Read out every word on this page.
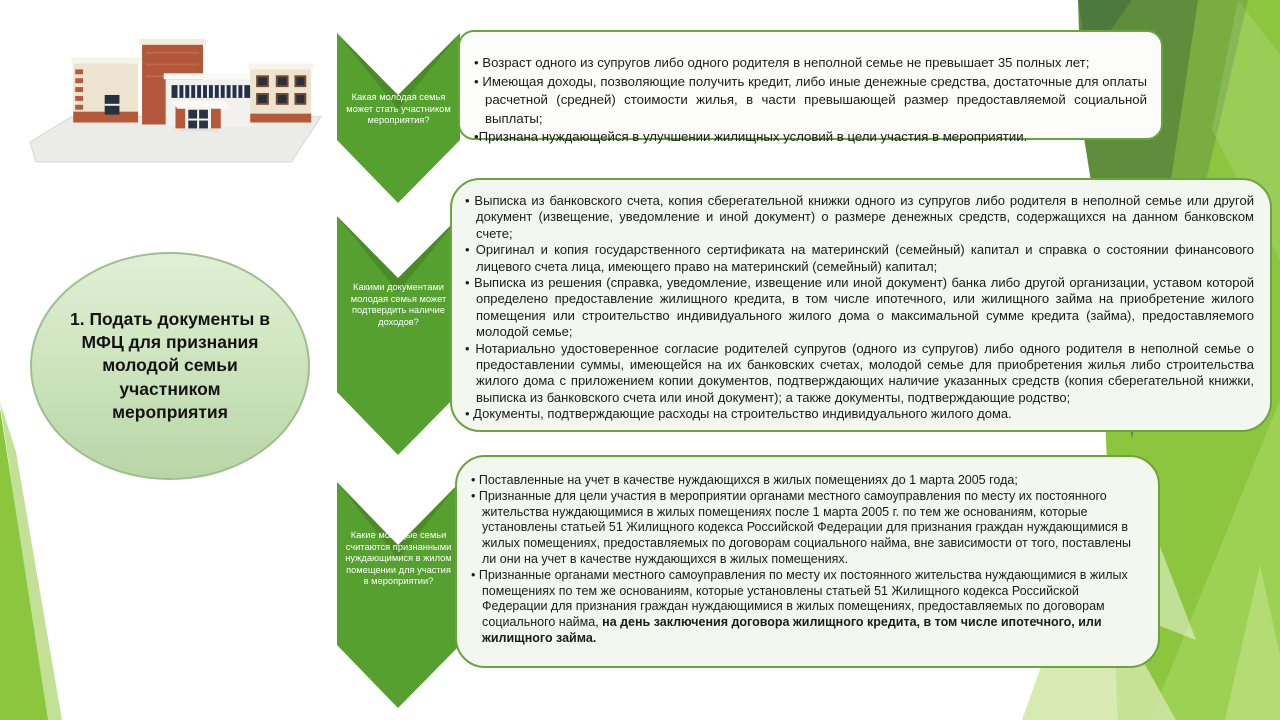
1. Подать документы в МФЦ для признания молодой семьи участником мероприятия
Какая молодая семья может стать участником мероприятия?
Какими документами молодая семья может подтвердить наличие доходов?
Какие молодые семьи считаются признанными нуждающимися в жилом помещении для участия в мероприятии?
• Возраст одного из супругов либо одного родителя в неполной семье не превышает 35 полных лет;
• Имеющая доходы, позволяющие получить кредит, либо иные денежные средства, достаточные для оплаты расчетной (средней) стоимости жилья, в части превышающей размер предоставляемой социальной выплаты;
•Признана нуждающейся в улучшении жилищных условий в цели участия в мероприятии.
• Выписка из банковского счета, копия сберегательной книжки одного из супругов либо родителя в неполной семье или другой документ (извещение, уведомление и иной документ) о размере денежных средств, содержащихся на данном банковском счете;
• Оригинал и копия государственного сертификата на материнский (семейный) капитал и справка о состоянии финансового лицевого счета лица, имеющего право на материнский (семейный) капитал;
• Выписка из решения (справка, уведомление, извещение или иной документ) банка либо другой организации, уставом которой определено предоставление жилищного кредита, в том числе ипотечного, или жилищного займа на приобретение жилого помещения или строительство индивидуального жилого дома о максимальной сумме кредита (займа), предоставляемого молодой семье;
• Нотариально удостоверенное согласие родителей супругов (одного из супругов) либо одного родителя в неполной семье о предоставлении суммы, имеющейся на их банковских счетах, молодой семье для приобретения жилья либо строительства жилого дома с приложением копии документов, подтверждающих наличие указанных средств (копия сберегательной книжки, выписка из банковского счета или иной документ); а также документы, подтверждающие родство;
• Документы, подтверждающие расходы на строительство индивидуального жилого дома.
• Поставленные на учет в качестве нуждающихся в жилых помещениях до 1 марта 2005 года;
• Признанные для цели участия в мероприятии органами местного самоуправления по месту их постоянного жительства нуждающимися в жилых помещениях после 1 марта 2005 г. по тем же основаниям, которые установлены статьей 51 Жилищного кодекса Российской Федерации для признания граждан нуждающимися в жилых помещениях, предоставляемых по договорам социального найма, вне зависимости от того, поставлены ли они на учет в качестве нуждающихся в жилых помещениях.
• Признанные органами местного самоуправления по месту их постоянного жительства нуждающимися в жилых помещениях по тем же основаниям, которые установлены статьей 51 Жилищного кодекса Российской Федерации для признания граждан нуждающимися в жилых помещениях, предоставляемых по договорам социального найма, на день заключения договора жилищного кредита, в том числе ипотечного, или жилищного займа.
